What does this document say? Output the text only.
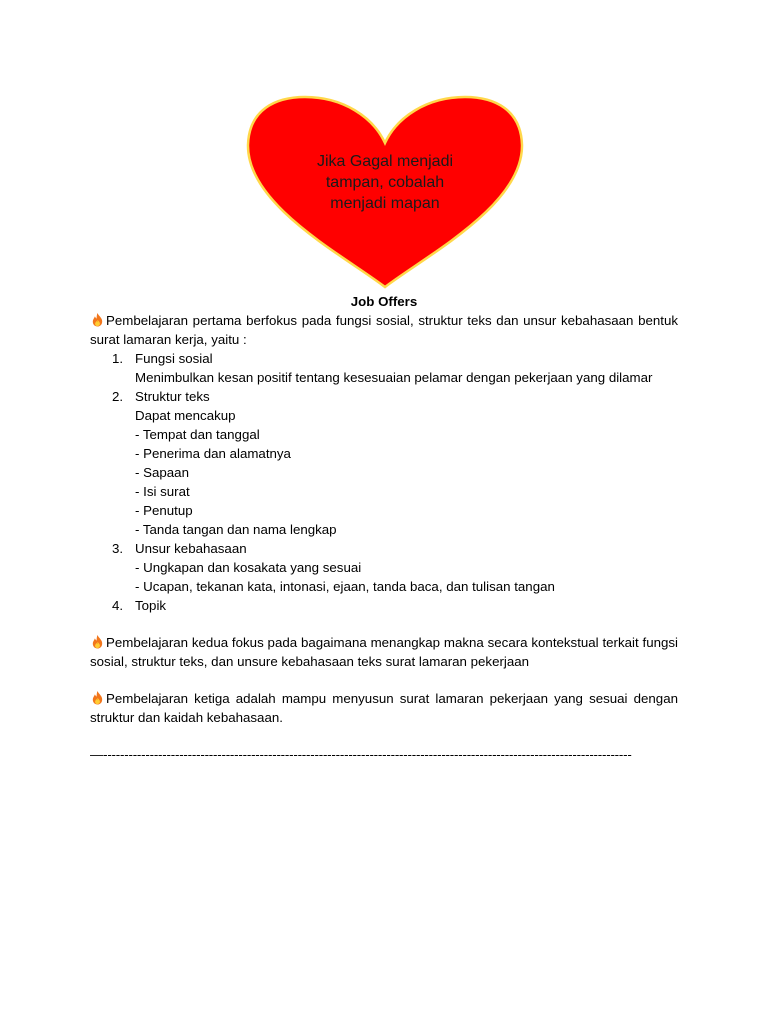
Jika Gagal menjadi
tampan, cobalah
menjadi mapan

Job Offers

Pembelajaran pertama berfokus pada fungsi sosial, struktur teks dan unsur kebahasaan bentuk surat lamaran kerja, yaitu :

1. Fungsi sosial
Menimbulkan kesan positif tentang kesesuaian pelamar dengan pekerjaan yang dilamar
2. Struktur teks
Dapat mencakup
- Tempat dan tanggal
- Penerima dan alamatnya
- Sapaan
- Isi surat
- Penutup
- Tanda tangan dan nama lengkap
3. Unsur kebahasaan
- Ungkapan dan kosakata yang sesuai
- Ucapan, tekanan kata, intonasi, ejaan, tanda baca, dan tulisan tangan
4. Topik

Pembelajaran kedua fokus pada bagaimana menangkap makna secara kontekstual terkait fungsi sosial, struktur teks, dan unsure kebahasaan teks surat lamaran pekerjaan

Pembelajaran ketiga adalah mampu menyusun surat lamaran pekerjaan yang sesuai dengan struktur dan kaidah kebahasaan.

—-----------------------------------------------------------------------------------------------------------------------------
